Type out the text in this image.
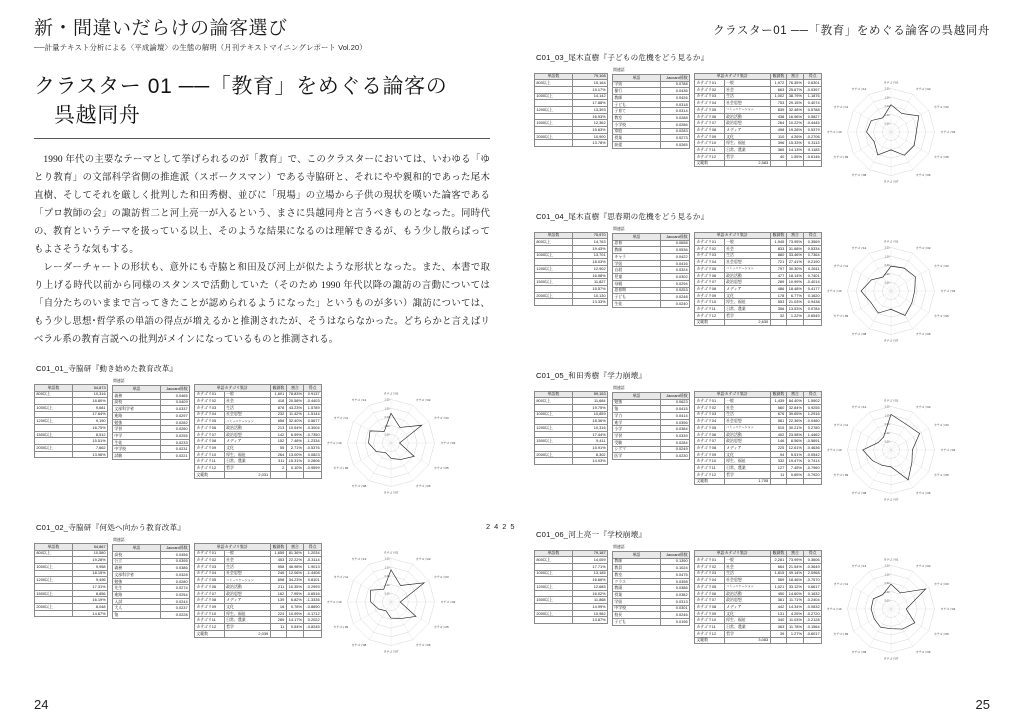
新・間違いだらけの論客選び
──計量テキスト分析による〈平成論壇〉の生態の解明（月刊テキストマイニングレポート Vol.20）
クラスター 01 ──「教育」をめぐる論客の
呉越同舟

1990 年代の主要なテーマとして挙げられるのが「教育」で、このクラスターにおいては、いわゆる「ゆとり教育」の文部科学省側の推進派（スポークスマン）である寺脇研と、それにやや親和的であった尾木直樹、そしてそれを厳しく批判した和田秀樹、並びに「現場」の立場から子供の現状を嘆いた論客である「プロ教師の会」の諏訪哲二と河上亮一が入るという、まさに呉越同舟と言うべきものとなった。同時代の、教育というテーマを扱っている以上、そのような結果になるのは理解できるが、もう少し散らばってもよさそうな気もする。

レーダーチャートの形状も、意外にも寺脇と和田及び河上が似たような形状となった。また、本書で取り上げる時代以前から同様のスタンスで活動していた（そのため 1990 年代以降の諏訪の言動については「自分たちのいままで言ってきたことが認められるようになった」というものが多い）諏訪については、もう少し思想･哲学系の単語の得点が増えるかと推測されたが、そうはならなかった。どちらかと言えばリベラル系の教育言説への批判がメインになっているものと推測される。

C01_01_寺脇研『動き始めた教育改革』
単語数	54,873
800以上	10,316
	18.80%
1000以上	9,681
	17.64%
1200以上	9,190
	16.75%
1500以上	8,512
	15.51%
2000以上	7,662
	13.96%
関連語
単語	Jaccard係数
義務	0.0465
高校	0.0409
文部科学省	0.0337
進路	0.0297
勉強	0.0282
学習	0.0260
中学	0.0255
生徒	0.0233
中学校	0.0231
試験	0.0221
単語カテゴリ集計		観測数	割合	得点
カテゴリ01	一般	1,601	78.83%	0.9137
カテゴリ02	社会	418	20.58%	-0.4403
カテゴリ03	生活	878	43.23%	1.5789
カテゴリ04	社会思想	232	11.42%	-1.5144
カテゴリ05	コミュニケーション	658	32.40%	0.5677
カテゴリ06	政治活動	213	10.54%	-0.3004
カテゴリ07	政治思想	142	6.99%	-0.7350
カテゴリ08	メディア	152	7.48%	-1.2334
カテゴリ09	文化	55	2.71%	-0.5376
カテゴリ10	厚生、福祉	264	13.00%	0.0823
カテゴリ11	日常、農業	311	15.31%	0.2806
カテゴリ12	哲学	2	0.10%	-0.9599
文範数	2,031			
-2.00
-1.00
0.00
1.00
2.00
カテゴリ01
カテゴリ02
カテゴリ03
カテゴリ04
カテゴリ05
カテゴリ06
カテゴリ07
カテゴリ08
カテゴリ09
カテゴリ10
カテゴリ11
カテゴリ12
C01_02_寺脇研『何処へ向かう教育改革』
単語数	54,867
800以上	10,580
	19.28%
1000以上	9,958
	18.15%
1200以上	9,496
	17.31%
1500以上	8,856
	16.19%
2000以上	8,048
	14.67%
関連語
単語	Jaccard係数
高校	0.0456
公立	0.0395
義務	0.0386
文部科学省	0.0328
勉強	0.0280
先生	0.0274
進路	0.0254
入試	0.0244
大人	0.0237
塾	0.0228
単語カテゴリ集計		観測数	割合	得点
カテゴリ01	一般	1,659	81.36%	1.2034
カテゴリ02	社会	453	22.22%	-0.3114
カテゴリ03	生活	958	46.98%	1.9013
カテゴリ04	社会思想	246	12.06%	-1.4408
カテゴリ05	コミュニケーション	698	34.23%	0.8101
カテゴリ06	政治活動	211	10.35%	-0.2993
カテゴリ07	政治思想	162	7.95%	-0.6516
カテゴリ08	メディア	139	6.82%	-1.3335
カテゴリ09	文化	16	0.78%	-0.8690
カテゴリ10	厚生、福祉	224	10.99%	-0.1712
カテゴリ11	日常、農業	289	14.17%	0.2022
カテゴリ12	哲学	11	0.54%	-0.8245
文範数	2,039			
-2.00
-1.00
0.00
1.00
2.00
カテゴリ01
カテゴリ02
カテゴリ03
カテゴリ04
カテゴリ05
カテゴリ06
カテゴリ07
カテゴリ08
カテゴリ09
カテゴリ10
カテゴリ11
カテゴリ12
24
クラスター01 ──「教育」をめぐる論客の呉越同舟
C01_03_尾木直樹『子どもの危機をどう見るか』
単語数	79,108
800以上	15,164
	19.17%
1000以上	14,142
	17.88%
1200以上	13,393
	16.93%
1500以上	12,362
	15.63%
2000以上	10,900
	13.78%
関連語
単語	Jaccard係数
学級	0.0788
暴行	0.0436
教師	0.0426
子ども	0.0318
子育て	0.0314
教室	0.0288
小学校	0.0286
家庭	0.0283
授業	0.0273
前提	0.0265
単語カテゴリ集計		観測数	割合	得点
カテゴリ01	一般	1,972	76.35%	0.6301
カテゴリ02	社会	663	25.67%	-0.0397
カテゴリ03	生活	1,002	38.79%	1.1876
カテゴリ04	社会思想	753	29.15%	0.4074
カテゴリ05	コミュニケーション	839	32.48%	0.5788
カテゴリ06	政治活動	438	16.96%	0.5827
カテゴリ07	政治思想	264	10.22%	-0.4445
カテゴリ08	メディア	498	19.28%	0.5379
カテゴリ09	文化	110	4.26%	-0.2706
カテゴリ10	厚生、福祉	396	15.33%	0.3113
カテゴリ11	日常、農業	365	14.13%	0.1183
カテゴリ12	哲学	40	1.55%	-0.6146
文範数	2,583			
-2.00
-1.00
0.00
1.00
2.00
カテゴリ01
カテゴリ02
カテゴリ03
カテゴリ04
カテゴリ05
カテゴリ06
カテゴリ07
カテゴリ08
カテゴリ09
カテゴリ10
カテゴリ11
カテゴリ12
C01_04_尾木直樹『思春期の危機をどう見るか』
単語数	75,970
800以上	14,763
	19.43%
1000以上	13,701
	18.03%
1200以上	12,902
	16.98%
1500以上	11,827
	15.57%
2000以上	10,130
	13.33%
関連語
単語	Jaccard係数
思春	0.0658
教師	0.0536
キャラ	0.0422
学級	0.0416
自殺	0.0324
児童	0.0302
母親	0.0294
思春期	0.0253
子ども	0.0248
生徒	0.0240
単語カテゴリ集計		観測数	割合	得点
カテゴリ01	一般	1,945	73.95%	0.3569
カテゴリ02	社会	833	31.68%	0.5334
カテゴリ03	生活	880	33.46%	0.7364
カテゴリ04	社会思想	721	27.41%	0.2190
カテゴリ05	コミュニケーション	797	30.30%	0.2611
カテゴリ06	政治活動	477	18.14%	0.7401
カテゴリ07	政治思想	289	10.99%	-0.4014
カテゴリ08	メディア	486	18.48%	0.4177
カテゴリ09	文化	178	6.77%	0.1620
カテゴリ10	厚生、福祉	553	21.03%	0.9438
カテゴリ11	日常、農業	356	13.53%	0.0784
カテゴリ12	哲学	32	1.22%	-0.6549
文範数	2,630			
-2.00
-1.00
0.00
1.00
2.00
カテゴリ01
カテゴリ02
カテゴリ03
カテゴリ04
カテゴリ05
カテゴリ06
カテゴリ07
カテゴリ08
カテゴリ09
カテゴリ10
カテゴリ11
カテゴリ12
C01_05_和田秀樹『学力崩壊』
単語数	59,153
800以上	11,684
	19.75%
1000以上	10,859
	18.36%
1200以上	10,316
	17.44%
1500以上	9,411
	15.91%
2000以上	8,302
	14.03%
関連語
単語	Jaccard係数
勉強	0.0623
塾	0.0415
学力	0.0414
進学	0.0396
小学	0.0384
学習	0.0339
受験	0.0284
シグマ	0.0249
医学	0.0230
単語カテゴリ集計		観測数	割合	得点
カテゴリ01	一般	1,439	84.40%	1.5902
カテゴリ02	社会	560	32.84%	0.9255
カテゴリ03	生活	676	39.65%	1.2916
カテゴリ04	社会思想	581	22.36%	-0.0460
カテゴリ05	コミュニケーション	515	30.21%	0.2780
カテゴリ06	政治活動	402	23.58%	1.4462
カテゴリ07	政治思想	146	8.56%	-0.5691
カテゴリ08	メディア	225	12.61%	-0.4636
カテゴリ09	文化	94	5.51%	-0.0542
カテゴリ10	厚生、福祉	332	19.47%	0.7414
カテゴリ11	日常、農業	127	7.45%	-0.7960
カテゴリ12	哲学	11	0.65%	-0.7920
文範数	1,705			
-2.00
-1.00
0.00
1.00
2.00
カテゴリ01
カテゴリ02
カテゴリ03
カテゴリ04
カテゴリ05
カテゴリ06
カテゴリ07
カテゴリ08
カテゴリ09
カテゴリ10
カテゴリ11
カテゴリ12
C01_06_河上亮一『学校崩壊』
単語数	79,187
800以上	14,059
	17.71%
1000以上	13,185
	16.66%
1200以上	12,685
	16.02%
1500以上	11,868
	14.99%
2000以上	10,982
	13.87%
関連語
単語	Jaccard係数
教師	0.1390
教員	0.1024
教室	0.0475
クラス	0.0398
教頭	0.0386
授業	0.0382
学級	0.0313
中学校	0.0301
校長	0.0246
子ども	0.0196
単語カテゴリ集計		観測数	割合	得点
カテゴリ01	一般	2,281	73.99%	0.3606
カテゴリ02	社会	664	21.54%	-0.3649
カテゴリ03	生活	1,815	49.14%	2.0968
カテゴリ04	社会思想	569	18.46%	-0.7570
カテゴリ05	コミュニケーション	1,021	33.12%	0.6617
カテゴリ06	政治活動	450	14.60%	0.1632
カテゴリ07	政治思想	361	11.71%	-0.2404
カテゴリ08	メディア	442	14.34%	-0.0832
カテゴリ09	文化	131	4.25%	-0.2720
カテゴリ10	厚生、福祉	340	11.03%	-0.2128
カテゴリ11	日常、農業	363	11.78%	-0.1564
カテゴリ12	哲学	39	1.27%	-0.6017
文範数	3,083			
-2.00
-1.00
0.00
1.00
2.00
カテゴリ01
カテゴリ02
カテゴリ03
カテゴリ04
カテゴリ05
カテゴリ06
カテゴリ07
カテゴリ08
カテゴリ09
カテゴリ10
カテゴリ11
カテゴリ12
25
2425
